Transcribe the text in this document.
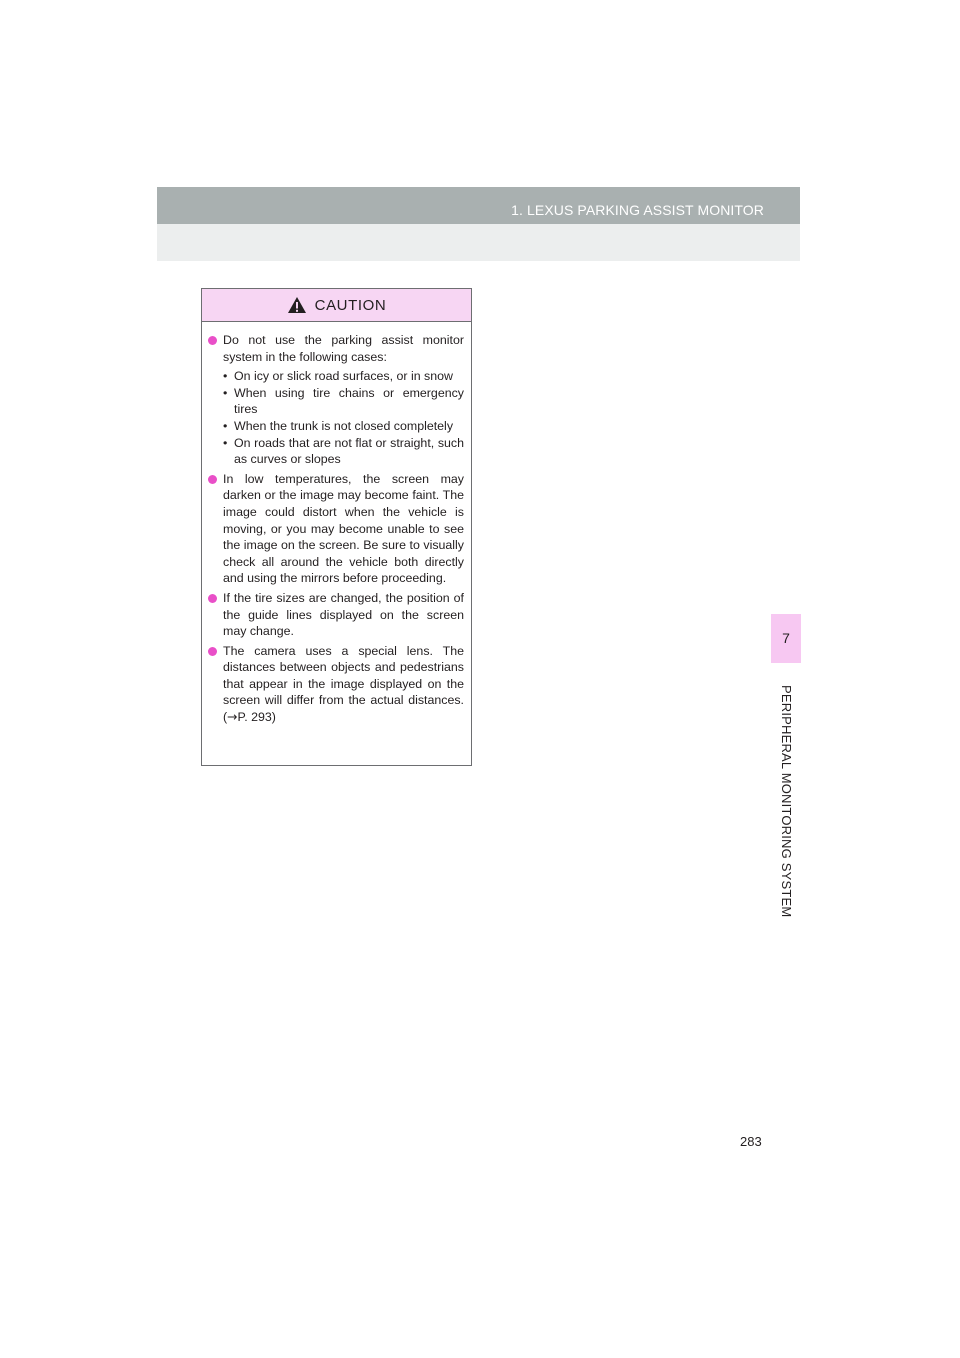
1. LEXUS PARKING ASSIST MONITOR
7
PERIPHERAL MONITORING SYSTEM
CAUTION
Do not use the parking assist monitor system in the following cases:
• On icy or slick road surfaces, or in snow
• When using tire chains or emergency tires
• When the trunk is not closed completely
• On roads that are not flat or straight, such as curves or slopes
In low temperatures, the screen may darken or the image may become faint. The image could distort when the vehicle is moving, or you may become unable to see the image on the screen. Be sure to visually check all around the vehicle both directly and using the mirrors before proceeding.
If the tire sizes are changed, the position of the guide lines displayed on the screen may change.
The camera uses a special lens. The distances between objects and pedestrians that appear in the image displayed on the screen will differ from the actual distances. (→P. 293)
283
